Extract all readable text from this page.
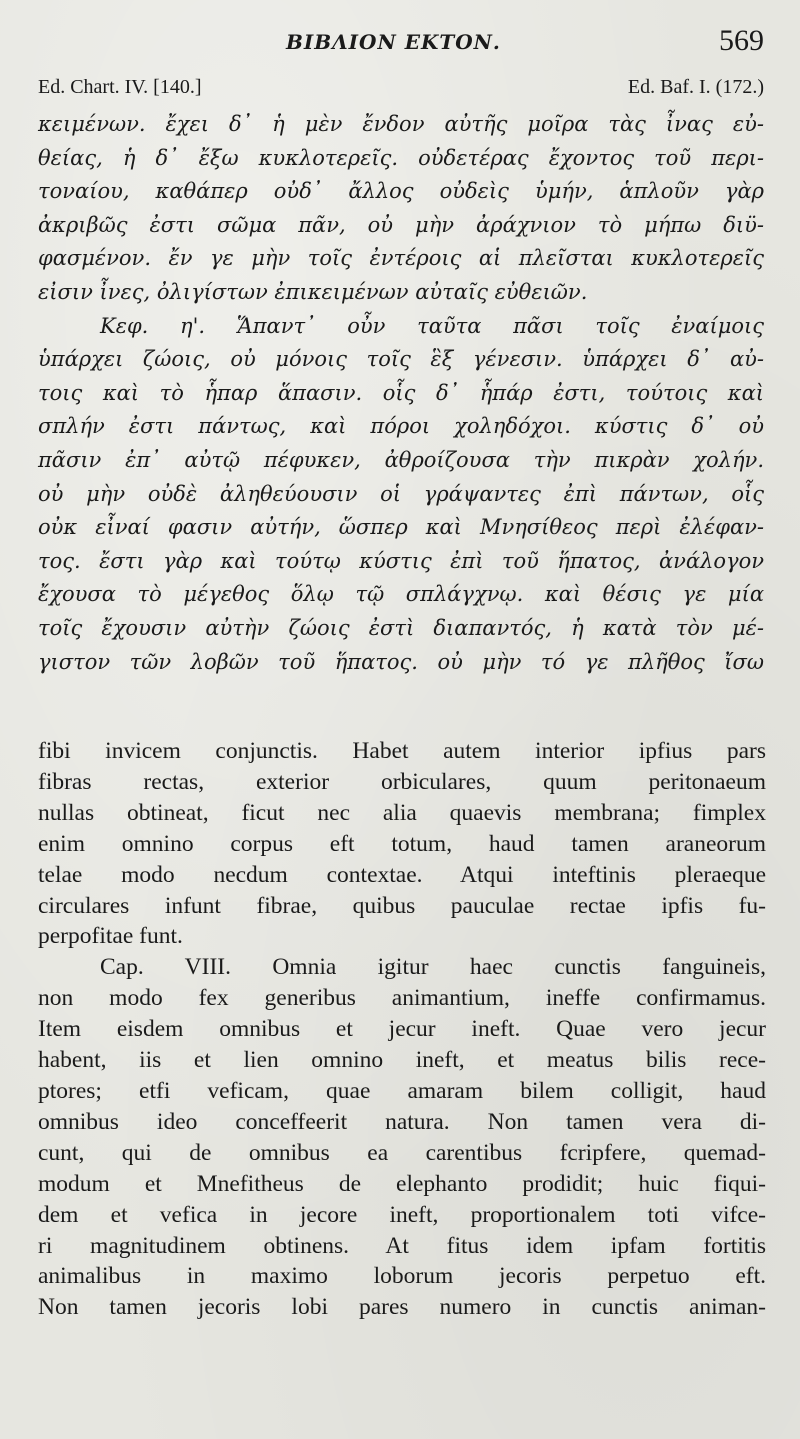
BIBΛΙΟΝ ΕΚΤΟΝ.	569
Ed. Chart. IV. [140.]	Ed. Baf. I. (172.)
κειμένων. ἔχει δ᾽ ἡ μὲν ἔνδον αὐτῆς μοῖρα τὰς ἶνας εὐ-
θείας, ἡ δ᾽ ἔξω κυκλοτερεῖς. οὐδετέρας ἔχοντος τοῦ περι-
τοναίου, καθάπερ οὐδ᾽ ἄλλος οὐδεὶς ὑμήν, ἁπλοῦν γὰρ
ἀκριβῶς ἐστι σῶμα πᾶν, οὐ μὴν ἀράχνιον τὸ μήπω διϋ-
φασμένον. ἔν γε μὴν τοῖς ἐντέροις αἱ πλεῖσται κυκλοτερεῖς
εἰσιν ἶνες, ὀλιγίστων ἐπικειμένων αὐταῖς εὐθειῶν.
Κεφ. η'. Ἅπαντ᾽ οὖν ταῦτα πᾶσι τοῖς ἐναίμοις
ὑπάρχει ζώοις, οὐ μόνοις τοῖς ἓξ γένεσιν. ὑπάρχει δ᾽ αὐ-
τοις καὶ τὸ ἧπαρ ἅπασιν. οἷς δ᾽ ἧπάρ ἐστι, τούτοις καὶ
σπλήν ἐστι πάντως, καὶ πόροι χοληδόχοι. κύστις δ᾽ οὐ
πᾶσιν ἐπ᾽ αὐτῷ πέφυκεν, ἀθροίζουσα τὴν πικρὰν χολήν.
οὐ μὴν οὐδὲ ἀληθεύουσιν οἱ γράψαντες ἐπὶ πάντων, οἷς
οὐκ εἶναί φασιν αὐτήν, ὥσπερ καὶ Μνησίθεος περὶ ἐλέφαν-
τος. ἔστι γὰρ καὶ τούτῳ κύστις ἐπὶ τοῦ ἥπατος, ἀνάλογον
ἔχουσα τὸ μέγεθος ὅλῳ τῷ σπλάγχνῳ. καὶ θέσις γε μία
τοῖς ἔχουσιν αὐτὴν ζώοις ἐστὶ διαπαντός, ἡ κατὰ τὸν μέ-
γιστον τῶν λοβῶν τοῦ ἥπατος. οὐ μὴν τό γε πλῆθος ἴσω
fibi invicem conjunctis. Habet autem interior ipfius pars
fibras rectas, exterior orbiculares, quum peritonaeum
nullas obtineat, ficut nec alia quaevis membrana; fimplex
enim omnino corpus eft totum, haud tamen araneorum
telae modo necdum contextae. Atqui inteftinis pleraeque
circulares infunt fibrae, quibus pauculae rectae ipfis fu-
perpofitae funt.
Cap. VIII. Omnia igitur haec cunctis fanguineis,
non modo fex generibus animantium, ineffe confirmamus.
Item eisdem omnibus et jecur ineft. Quae vero jecur
habent, iis et lien omnino ineft, et meatus bilis rece-
ptores; etfi veficam, quae amaram bilem colligit, haud
omnibus ideo conceffeerit natura. Non tamen vera di-
cunt, qui de omnibus ea carentibus fcripfere, quemad-
modum et Mnefitheus de elephanto prodidit; huic fiqui-
dem et vefica in jecore ineft, proportionalem toti vifce-
ri magnitudinem obtinens. At fitus idem ipfam fortitis
animalibus in maximo loborum jecoris perpetuo eft.
Non tamen jecoris lobi pares numero in cunctis animan-
